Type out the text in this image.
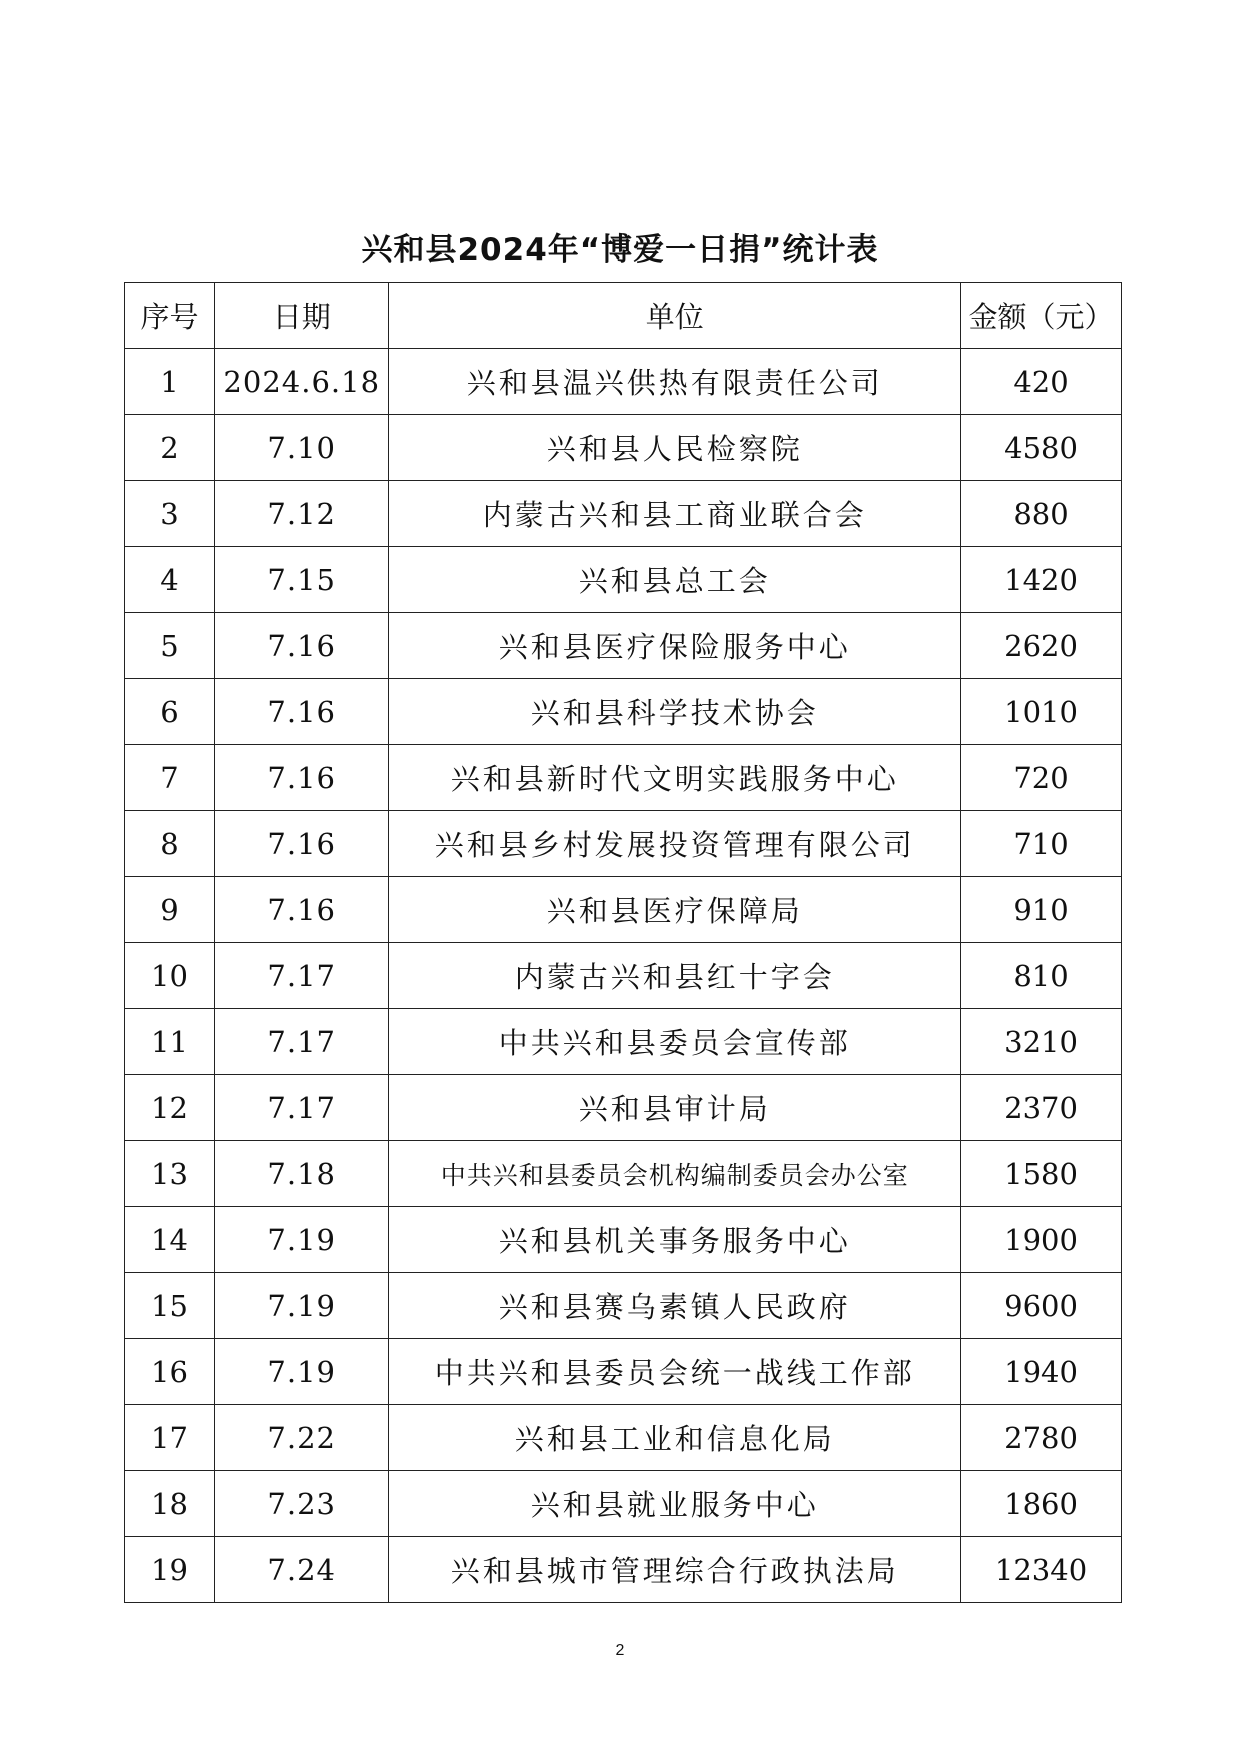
兴和县2024年“博爱一日捐”统计表
序号	日期	单位	金额（元）
1	2024.6.18	兴和县温兴供热有限责任公司	420
2	7.10	兴和县人民检察院	4580
3	7.12	内蒙古兴和县工商业联合会	880
4	7.15	兴和县总工会	1420
5	7.16	兴和县医疗保险服务中心	2620
6	7.16	兴和县科学技术协会	1010
7	7.16	兴和县新时代文明实践服务中心	720
8	7.16	兴和县乡村发展投资管理有限公司	710
9	7.16	兴和县医疗保障局	910
10	7.17	内蒙古兴和县红十字会	810
11	7.17	中共兴和县委员会宣传部	3210
12	7.17	兴和县审计局	2370
13	7.18	中共兴和县委员会机构编制委员会办公室	1580
14	7.19	兴和县机关事务服务中心	1900
15	7.19	兴和县赛乌素镇人民政府	9600
16	7.19	中共兴和县委员会统一战线工作部	1940
17	7.22	兴和县工业和信息化局	2780
18	7.23	兴和县就业服务中心	1860
19	7.24	兴和县城市管理综合行政执法局	12340
2
